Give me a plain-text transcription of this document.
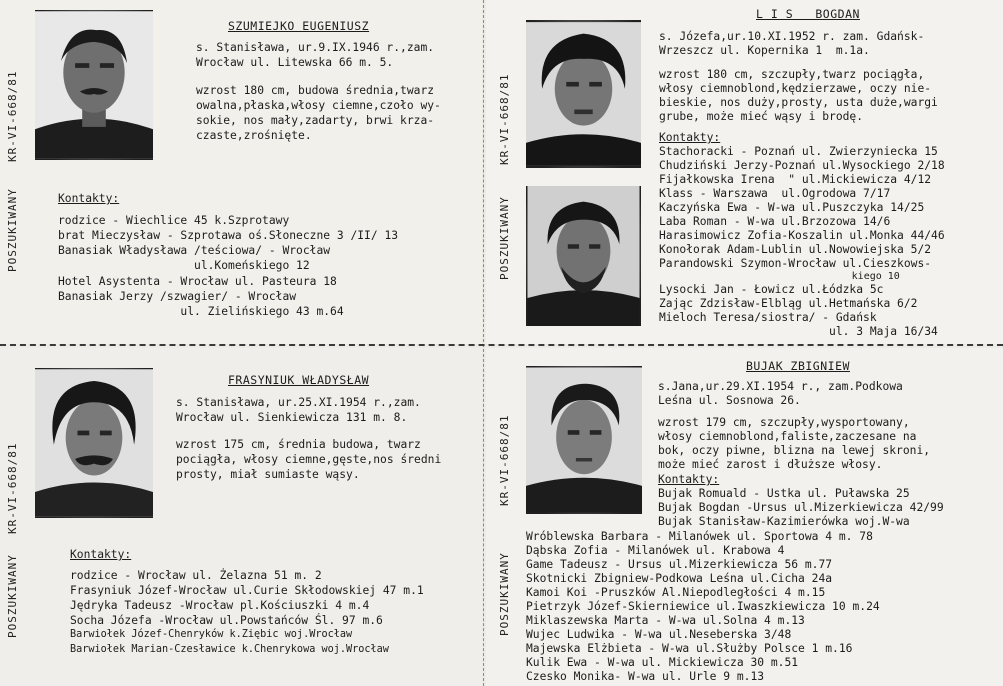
KR-VI-668/81
POSZUKIWANY
SZUMIEJKO EUGENIUSZ
s. Stanisława, ur.9.IX.1946 r.,zam.
Wrocław ul. Litewska 66 m. 5.
wzrost 180 cm, budowa średnia,twarz
owalna,płaska,włosy ciemne,czoło wy-
sokie, nos mały,zadarty, brwi krza-
czaste,zrośnięte.
Kontakty:
rodzice - Wiechlice 45 k.Szprotawy
brat Mieczysław - Szprotawa oś.Słoneczne 3 /II/ 13
Banasiak Władysława /teściowa/ - Wrocław
ul.Komeńskiego 12
Hotel Asystenta - Wrocław ul. Pasteura 18
Banasiak Jerzy /szwagier/ - Wrocław
ul. Zielińskiego 43 m.64
KR-VI-668/81
POSZUKIWANY
L I S   BOGDAN
s. Józefa,ur.10.XI.1952 r. zam. Gdańsk-
Wrzeszcz ul. Kopernika 1  m.1a.
wzrost 180 cm, szczupły,twarz pociągła,
włosy ciemnoblond,kędzierzawe, oczy nie-
bieskie, nos duży,prosty, usta duże,wargi
grube, może mieć wąsy i brodę.
Kontakty:
Stachoracki - Poznań ul. Zwierzyniecka 15
Chudziński Jerzy-Poznań ul.Wysockiego 2/18
Fijałkowska Irena  " ul.Mickiewicza 4/12
Klass - Warszawa  ul.Ogrodowa 7/17
Kaczyńska Ewa - W-wa ul.Puszczyka 14/25
Laba Roman - W-wa ul.Brzozowa 14/6
Harasimowicz Zofia-Koszalin ul.Monka 44/46
Konołorak Adam-Lublin ul.Nowowiejska 5/2
Parandowski Szymon-Wrocław ul.Cieszkows-
kiego 10
Lysocki Jan - Łowicz ul.Łódzka 5c
Zając Zdzisław-Elbląg ul.Hetmańska 6/2
Mieloch Teresa/siostra/ - Gdańsk
ul. 3 Maja 16/34
KR-VI-668/81
POSZUKIWANY
FRASYNIUK WŁADYSŁAW
s. Stanisława, ur.25.XI.1954 r.,zam.
Wrocław ul. Sienkiewicza 131 m. 8.
wzrost 175 cm, średnia budowa, twarz
pociągła, włosy ciemne,gęste,nos średni
prosty, miał sumiaste wąsy.
Kontakty:
rodzice - Wrocław ul. Żelazna 51 m. 2
Frasyniuk Józef-Wrocław ul.Curie Skłodowskiej 47 m.1
Jędryka Tadeusz -Wrocław pl.Kościuszki 4 m.4
Socha Józefa -Wrocław ul.Powstańców Śl. 97 m.6
Barwiołek Józef-Chenryków k.Ziębic woj.Wrocław
Barwiołek Marian-Czesławice k.Chenrykowa woj.Wrocław
KR-VI-668/81
POSZUKIWANY
BUJAK ZBIGNIEW
s.Jana,ur.29.XI.1954 r., zam.Podkowa
Leśna ul. Sosnowa 26.
wzrost 179 cm, szczupły,wysportowany,
włosy ciemnoblond,faliste,zaczesane na
bok, oczy piwne, blizna na lewej skroni,
może mieć zarost i dłuższe włosy.
Kontakty:
Bujak Romuald - Ustka ul. Puławska 25
Bujak Bogdan -Ursus ul.Mizerkiewicza 42/99
Bujak Stanisław-Kazimierówka woj.W-wa
Wróblewska Barbara - Milanówek ul. Sportowa 4 m. 78
Dąbska Zofia - Milanówek ul. Krabowa 4
Game Tadeusz - Ursus ul.Mizerkiewicza 56 m.77
Skotnicki Zbigniew-Podkowa Leśna ul.Cicha 24a
Kamoi Koi -Pruszków Al.Niepodległości 4 m.15
Pietrzyk Józef-Skierniewice ul.Iwaszkiewicza 10 m.24
Miklaszewska Marta - W-wa ul.Solna 4 m.13
Wujec Ludwika - W-wa ul.Neseberska 3/48
Majewska Elżbieta - W-wa ul.Służby Polsce 1 m.16
Kulik Ewa - W-wa ul. Mickiewicza 30 m.51
Czesko Monika- W-wa ul. Urle 9 m.13
